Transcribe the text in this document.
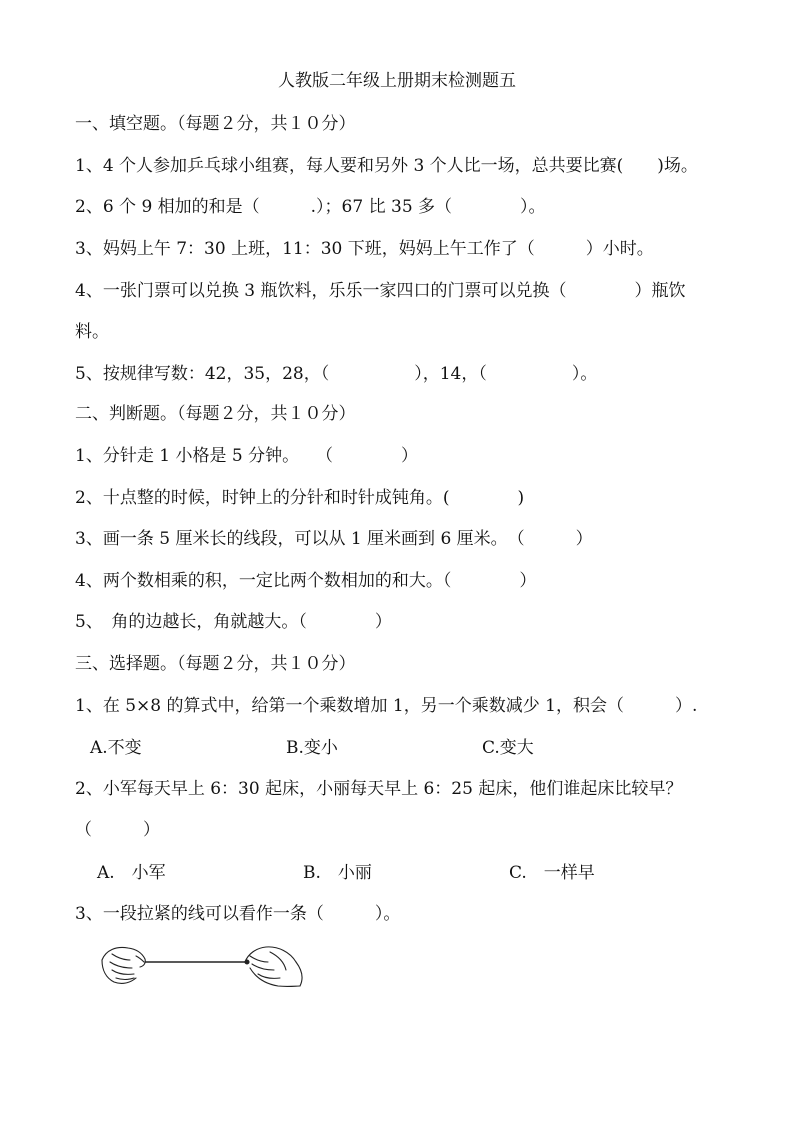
人教版二年级上册期末检测题五
一、填空题。（每题２分，共１０分）
1、4 个人参加乒乓球小组赛，每人要和另外 3 个人比一场，总共要比赛(　　)场。
2、6 个 9 相加的和是（　　　.）；67 比 35 多（　　　　）。
3、妈妈上午 7：30 上班，11：30 下班，妈妈上午工作了（　　　）小时。
4、一张门票可以兑换 3 瓶饮料，乐乐一家四口的门票可以兑换（　　　　）瓶饮
料。
5、按规律写数：42，35，28，（　　　　　），14，（　　　　　）。
二、判断题。（每题２分，共１０分）
1、分针走 1 小格是 5 分钟。　　（　　　　）
2、十点整的时候，时钟上的分针和时针成钝角。(　　　　)
3、画一条 5 厘米长的线段，可以从 1 厘米画到 6 厘米。　（　　　）
4、两个数相乘的积，一定比两个数相加的和大。（　　　　）
5、　角的边越长，角就越大。（　　　　）
三、选择题。（每题２分，共１０分）
1、在 5×8 的算式中，给第一个乘数增加 1，另一个乘数减少 1，积会（　　　）.
A.不变	B.变小	C.变大
2、小军每天早上 6：30 起床，小丽每天早上 6：25 起床，他们谁起床比较早？
（　　　）
A.　小军	B.　小丽	C.　一样早
3、一段拉紧的线可以看作一条（　　　）。
